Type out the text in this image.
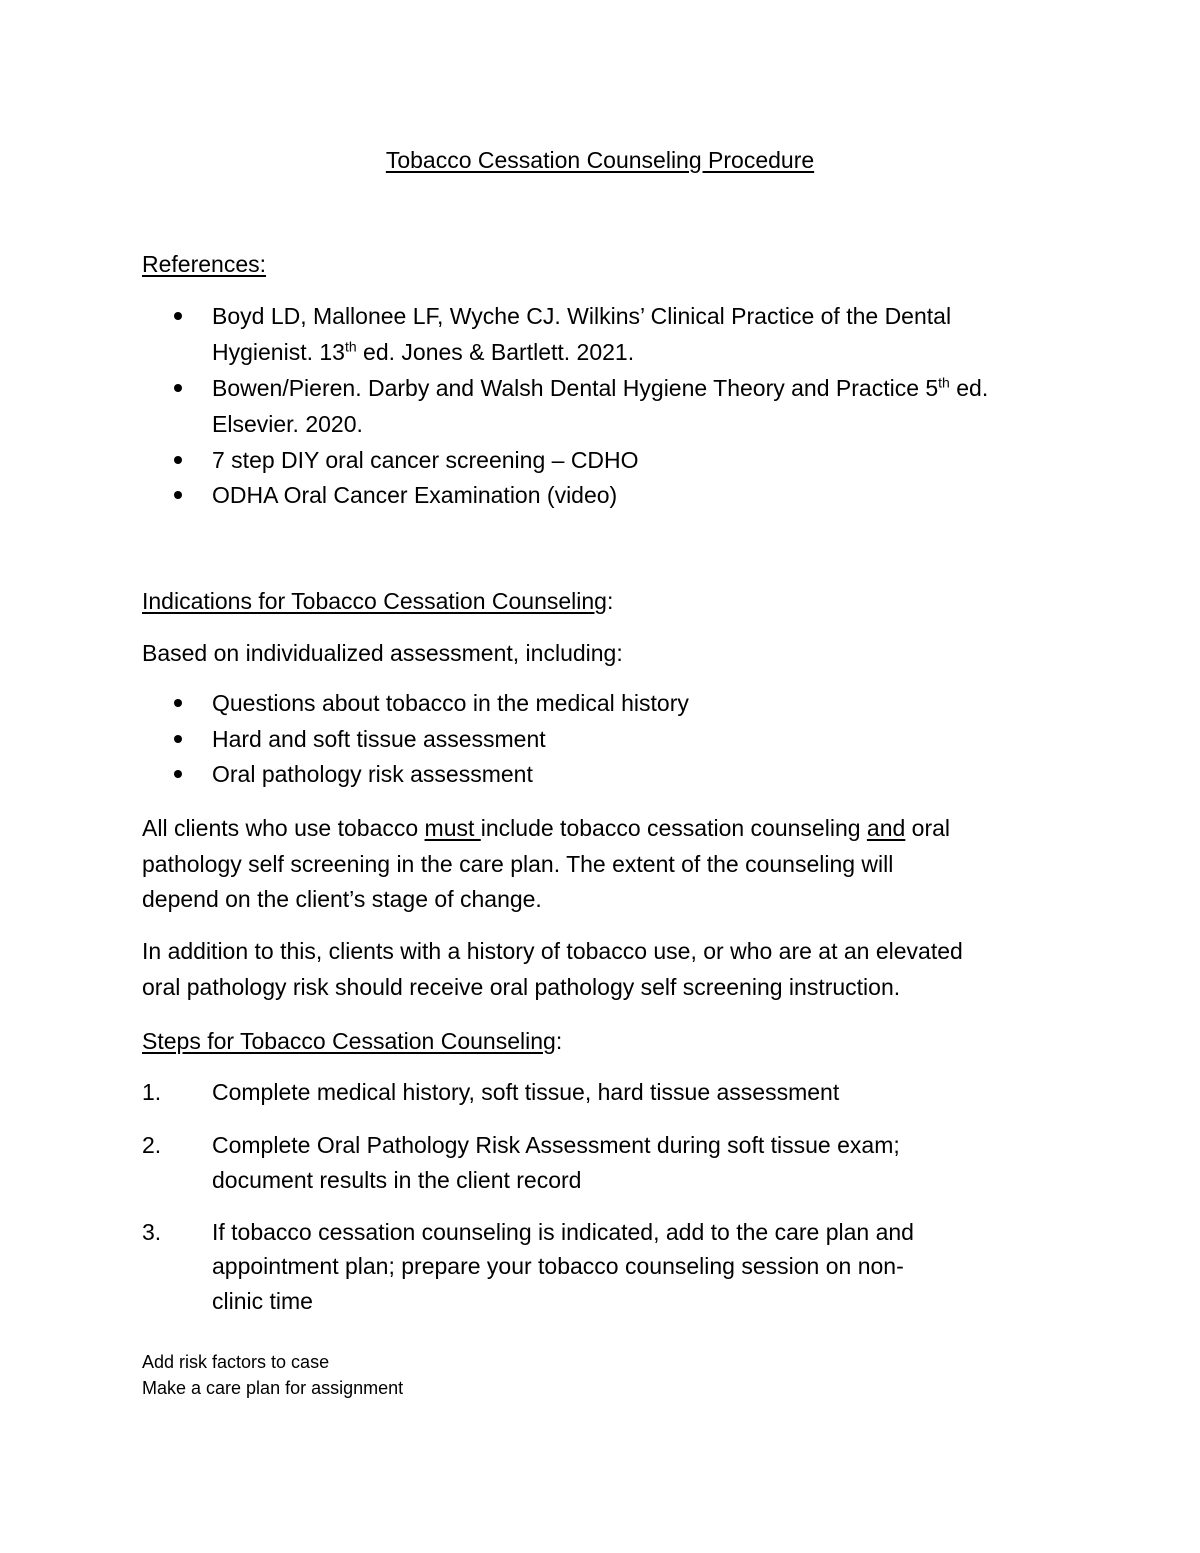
Tobacco Cessation Counseling Procedure
References:
Boyd LD, Mallonee LF, Wyche CJ. Wilkins’ Clinical Practice of the Dental
Hygienist. 13th ed. Jones & Bartlett. 2021.
Bowen/Pieren. Darby and Walsh Dental Hygiene Theory and Practice 5th ed.
Elsevier. 2020.
7 step DIY oral cancer screening – CDHO
ODHA Oral Cancer Examination (video)
Indications for Tobacco Cessation Counseling:
Based on individualized assessment, including:
Questions about tobacco in the medical history
Hard and soft tissue assessment
Oral pathology risk assessment
All clients who use tobacco must include tobacco cessation counseling and oral
pathology self screening in the care plan. The extent of the counseling will
depend on the client’s stage of change.
In addition to this, clients with a history of tobacco use, or who are at an elevated
oral pathology risk should receive oral pathology self screening instruction.
Steps for Tobacco Cessation Counseling:
1. Complete medical history, soft tissue, hard tissue assessment
2. Complete Oral Pathology Risk Assessment during soft tissue exam;
document results in the client record
3. If tobacco cessation counseling is indicated, add to the care plan and
appointment plan; prepare your tobacco counseling session on non-
clinic time
Add risk factors to case
Make a care plan for assignment
